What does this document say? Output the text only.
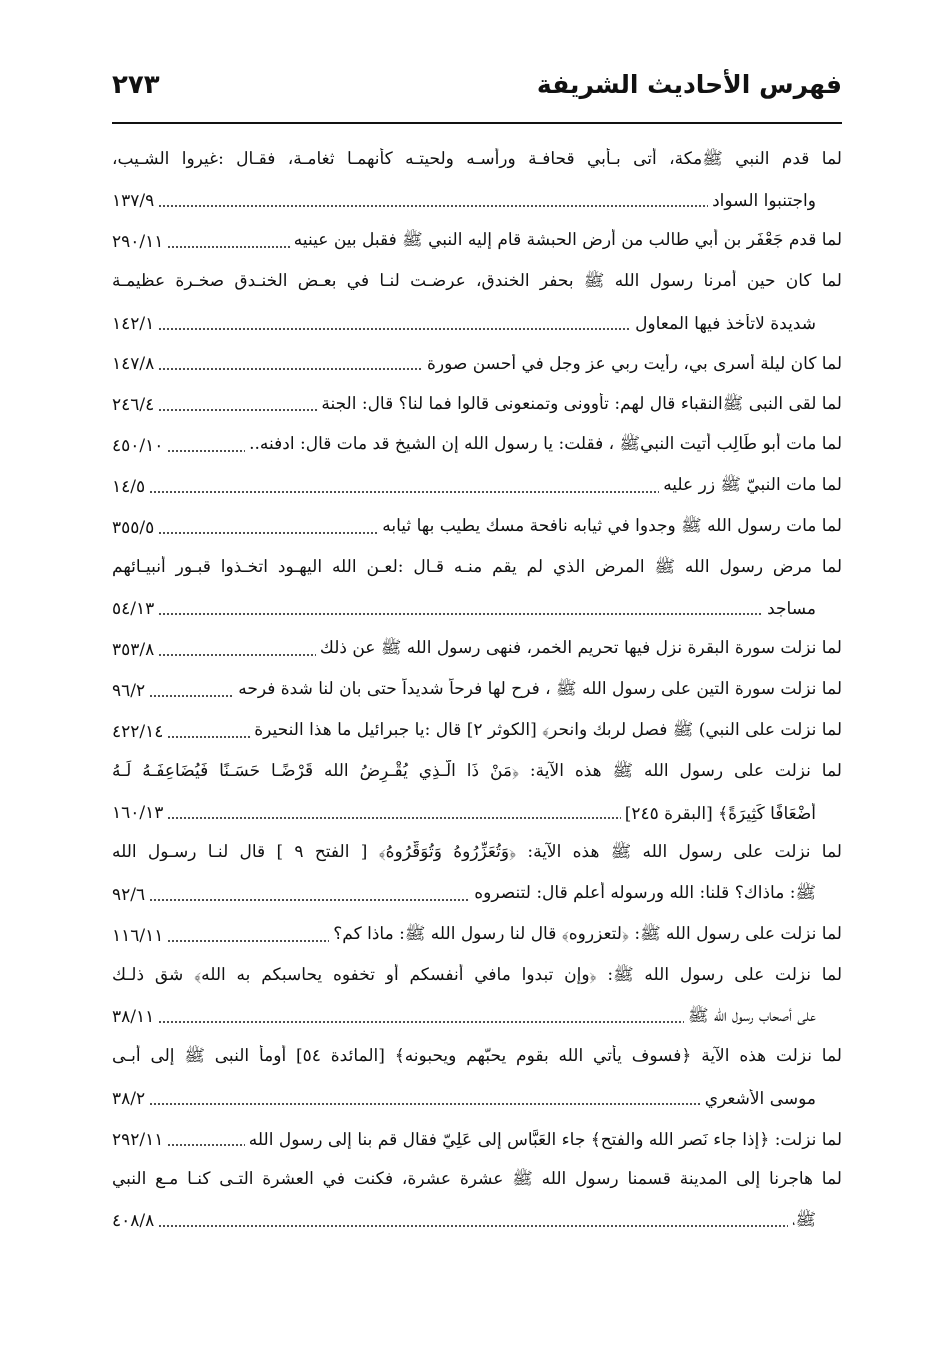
فهرس الأحاديث الشريفة
٢٧٣
لما قدم النبي ﷺمكة، أتى بـأبي قحافـة ورأسـه ولحيتـه كأنهمـا ثغامـة، فقـال :غيروا الشـيب،
واجتنبوا السواد
١٣٧/٩
لما قدم جَعْفَر بن أبي طالب من أرض الحبشة قام إليه النبي ﷺ فقبل بين عينيه
٢٩٠/١١
لما كان حين أمرنا رسول الله ﷺ بحفر الخندق، عرضـت لنـا في بعـض الخنـدق صخـرة عظيمـة
شديدة لاتأخذ فيها المعاول
١٤٢/١
لما كان ليلة أسرى بي، رأيت ربي عز وجل في أحسن صورة
١٤٧/٨
لما لقى النبى ﷺالنقباء قال لهم: تأوونى وتمنعونى قالوا فما لنا؟ قال: الجنة
٢٤٦/٤
لما مات أبو طَالِب أتيت النبيﷺ ، فقلت: يا رسول الله إن الشيخ قد مات قال: ادفنه..
٤٥٠/١٠
لما مات النبيّ ﷺ زر عليه
١٤/٥
لما مات رسول الله ﷺ وجدوا في ثيابه نافحة مسك يطيب بها ثيابه
٣٥٥/٥
لما مرض رسول الله ﷺ المرض الذي لم يقم منـه قـال :لعـن الله اليهـود اتخـذوا قبـور أنبيـائهم
مساجد
٥٤/١٣
لما نزلت سورة البقرة نزل فيها تحريم الخمر، فنهى رسول الله ﷺ عن ذلك
٣٥٣/٨
لما نزلت سورة التين على رسول الله ﷺ ، فرح لها فرحاً شديداً حتى بان لنا شدة فرحه
٩٦/٢
لما نزلت على النبي) ﷺ فصل لربك وانحر﴾ [الكوثر ٢] قال :يا جبرائيل ما هذا النحيرة
٤٢٢/١٤
لما نزلت على رسول الله ﷺ هذه الآية: ﴿مَنْ ذَا الَّـذِي يُقْـرِضُ الله قَرْضًـا حَسَـنًا فَيُضَاعِفَـهُ لَـهُ
أَضْعَافًا كَثِيرَةً﴾ [البقرة ٢٤٥]
١٦٠/١٣
لما نزلت على رسول الله ﷺ هذه الآية: ﴿وَتُعَزِّرُوهُ وَتُوَقِّرُوهُ﴾ [ الفتح ٩ ] قال لنـا رسـول الله
ﷺ: ماذاك؟ قلنا: الله ورسوله أعلم قال: لتنصروه
٩٢/٦
لما نزلت على رسول الله ﷺ: ﴿لتعزروه﴾ قال لنا رسول الله ﷺ: ماذا كم؟
١١٦/١١
لما نزلت على رسول الله ﷺ: ﴿وإن تبدوا مافي أنفسكم أو تخفوه يحاسبكم به الله﴾ شق ذلـك
على أصحاب رسول الله ﷺ
٣٨/١١
لما نزلت هذه الآية ﴿فسوف يأتي الله بقوم يحبّهم ويحبونه﴾ [المائدة ٥٤] أومأ النبى ﷺ إلى أبـى
موسى الأشعري
٣٨/٢
لما نزلت: ﴿إذا جاء نَصر الله والفتح﴾ جاء العَبَّاس إلى عَلِيّ فقال قم بنا إلى رسول الله
٢٩٢/١١
لما هاجرنا إلى المدينة قسمنا رسول الله ﷺ عشرة عشرة، فكنت في العشرة التـى كنـا مـع النبي
ﷺ،
٤٠٨/٨
